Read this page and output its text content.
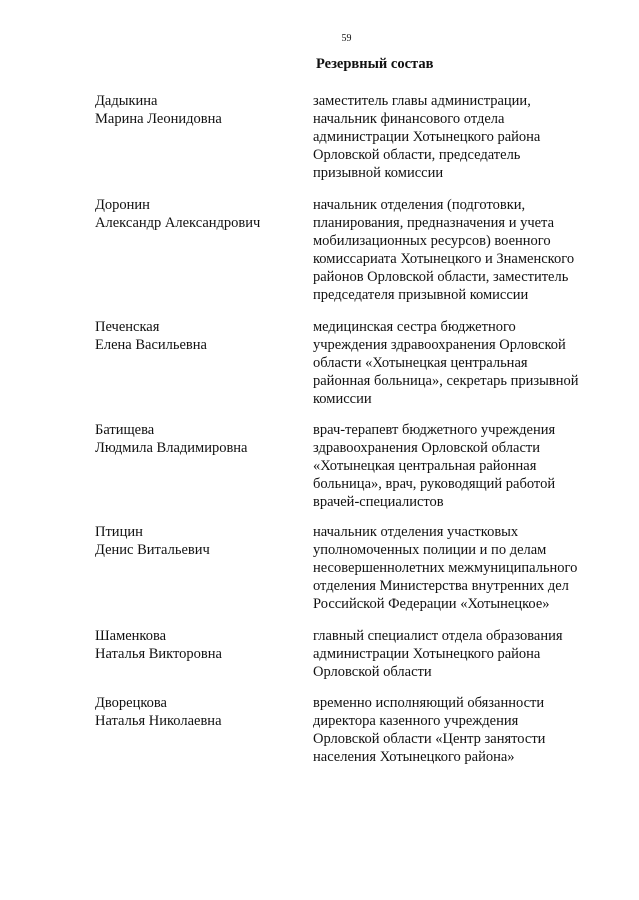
59
Резервный состав
Дадыкина
Марина Леонидовна
заместитель главы администрации,
начальник финансового отдела
администрации Хотынецкого района
Орловской области, председатель
призывной комиссии
Доронин
Александр Александрович
начальник отделения (подготовки,
планирования, предназначения и учета
мобилизационных ресурсов) военного
комиссариата Хотынецкого и Знаменского
районов Орловской области, заместитель
председателя призывной комиссии
Печенская
Елена Васильевна
медицинская сестра бюджетного
учреждения здравоохранения Орловской
области «Хотынецкая центральная
районная больница», секретарь призывной
комиссии
Батищева
Людмила Владимировна
врач-терапевт бюджетного учреждения
здравоохранения Орловской области
«Хотынецкая центральная районная
больница», врач, руководящий работой
врачей-специалистов
Птицин
Денис Витальевич
начальник отделения участковых
уполномоченных полиции и по делам
несовершеннолетних межмуниципального
отделения Министерства внутренних дел
Российской Федерации «Хотынецкое»
Шаменкова
Наталья Викторовна
главный специалист отдела образования
администрации Хотынецкого района
Орловской области
Дворецкова
Наталья Николаевна
временно исполняющий обязанности
директора казенного учреждения
Орловской области «Центр занятости
населения Хотынецкого района»
